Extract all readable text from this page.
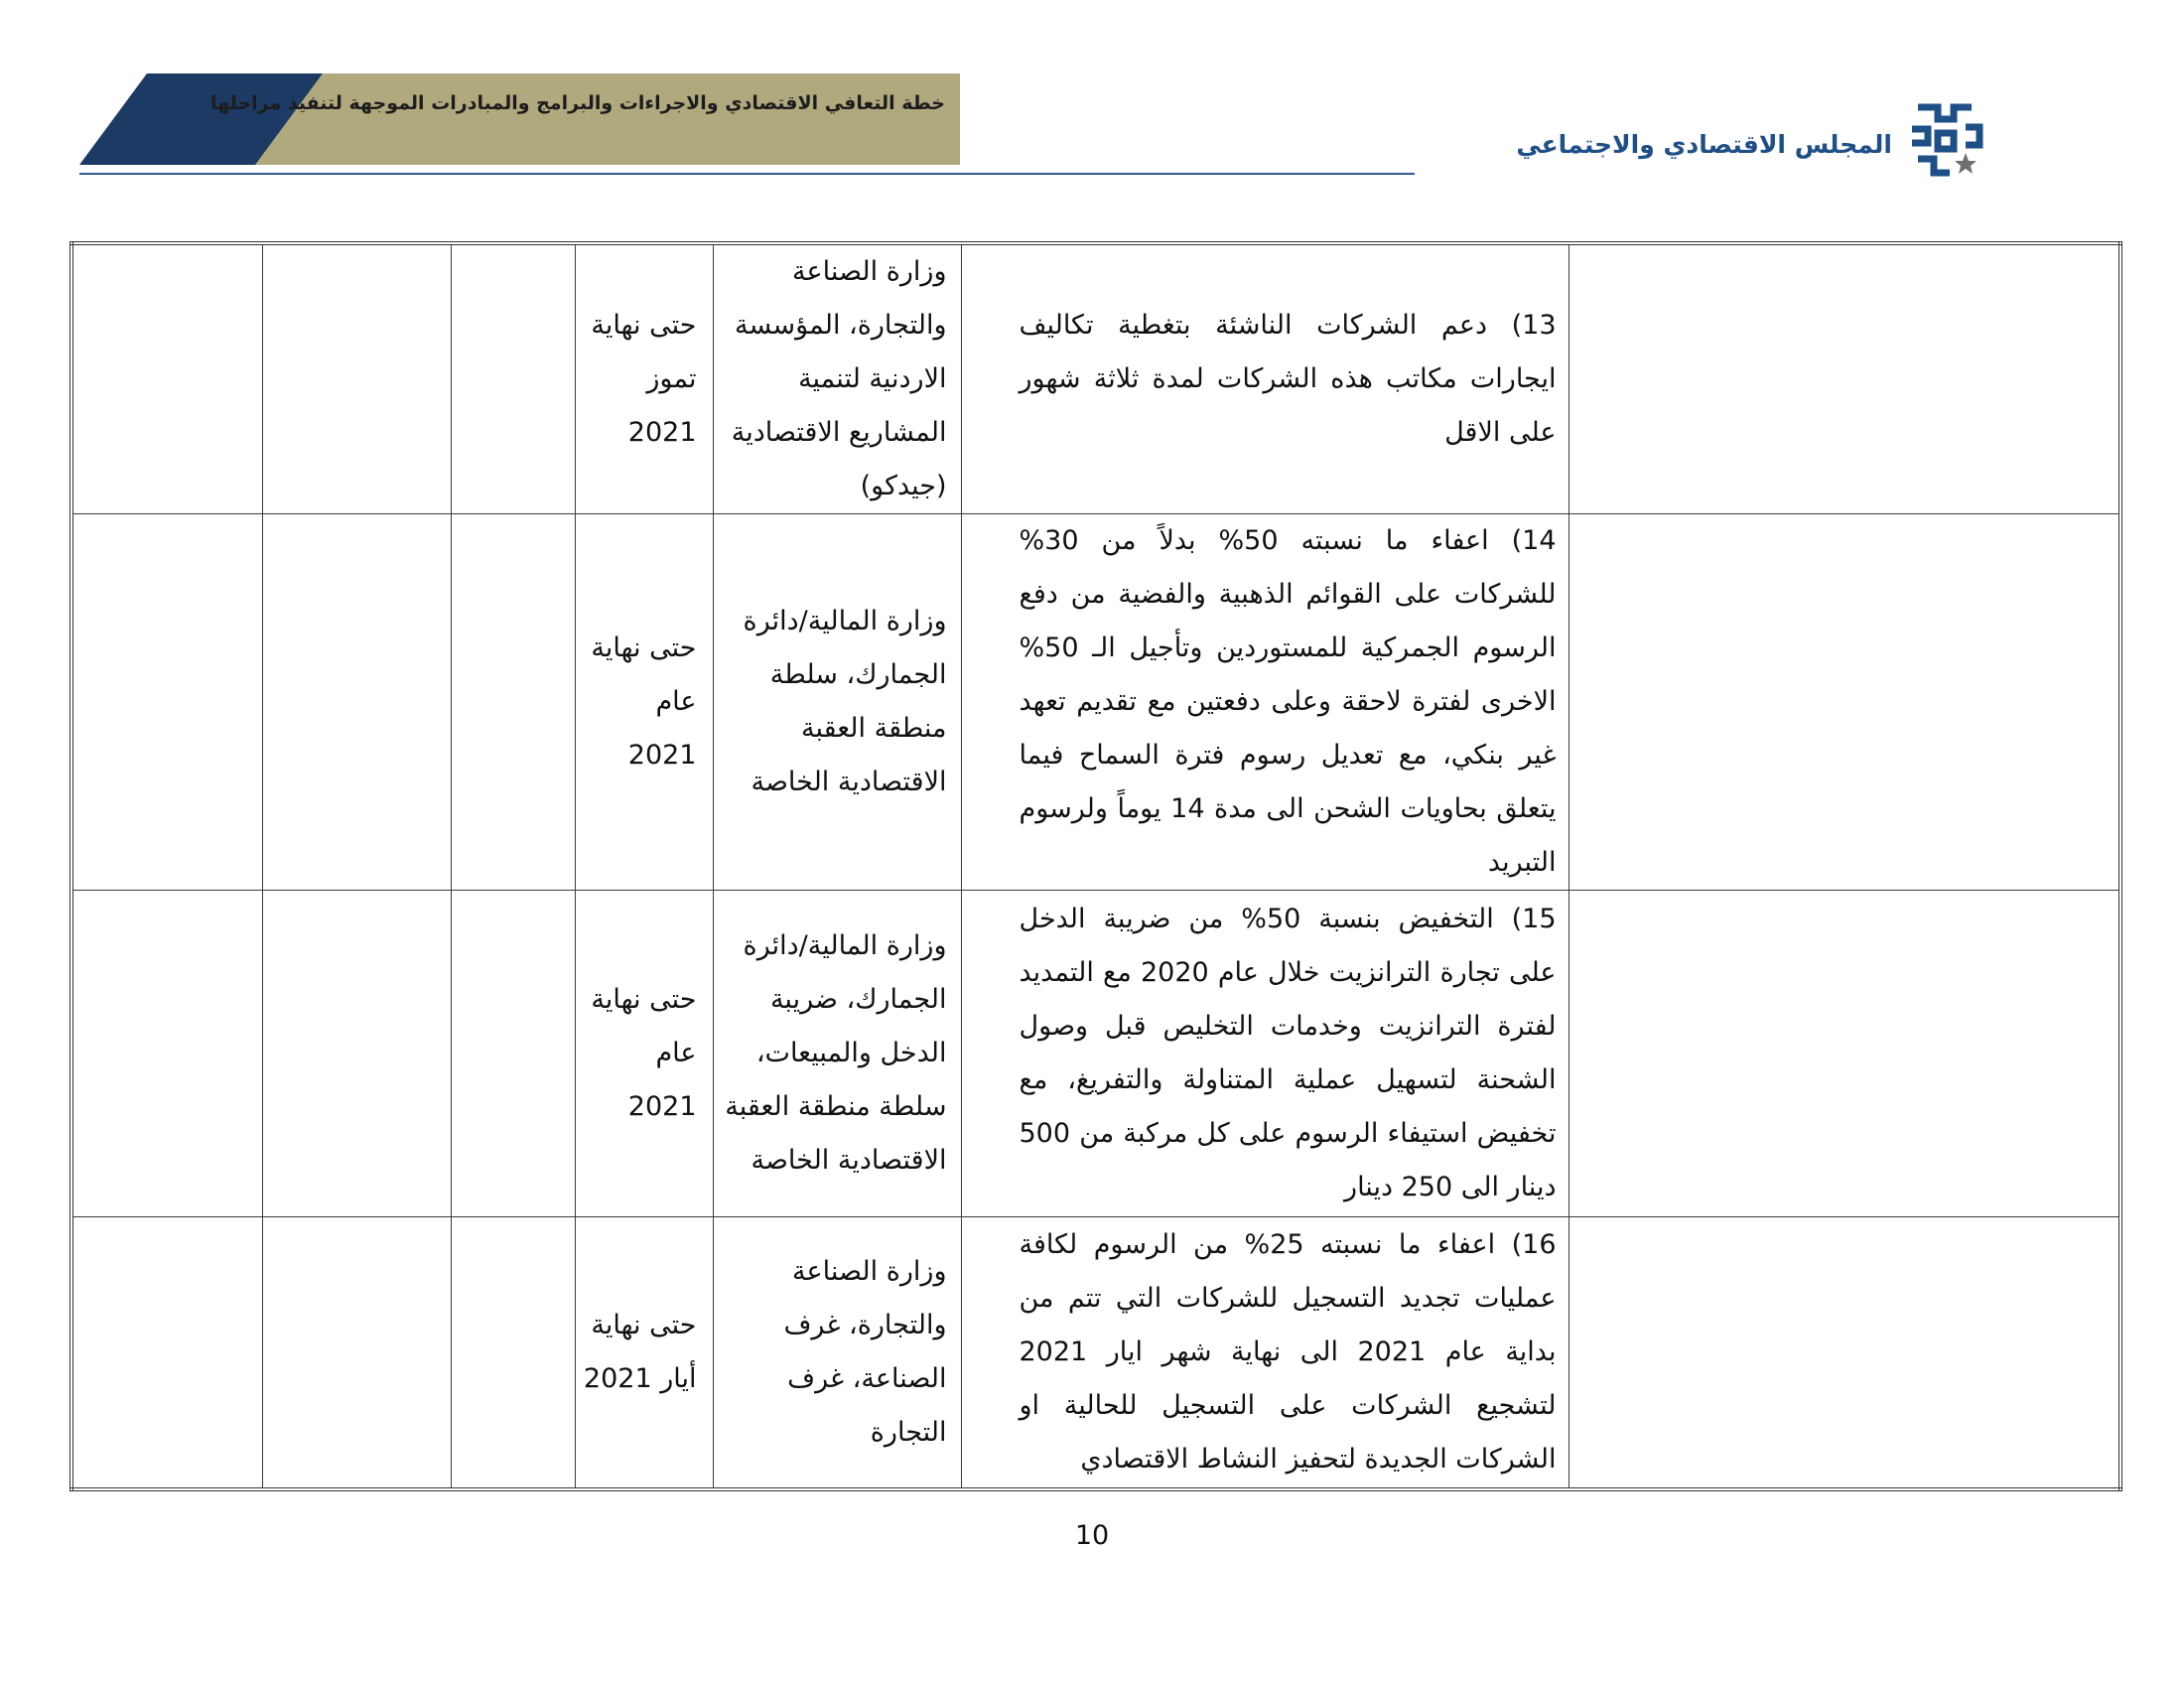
خطة التعافي الاقتصادي والاجراءات والبرامج والمبادرات الموجهة لتنفيذ مراحلها
المجلس الاقتصادي والاجتماعي
	13) دعم الشركات الناشئة بتغطية تكاليف ايجارات مكاتب هذه الشركات لمدة ثلاثة شهور على الاقل	وزارة الصناعة والتجارة، المؤسسة الاردنية لتنمية المشاريع الاقتصادية (جيدكو)	حتى نهاية تموز 2021			
	14) اعفاء ما نسبته 50% بدلاً من 30% للشركات على القوائم الذهبية والفضية من دفع الرسوم الجمركية للمستوردين وتأجيل الـ 50% الاخرى لفترة لاحقة وعلى دفعتين مع تقديم تعهد غير بنكي، مع تعديل رسوم فترة السماح فيما يتعلق بحاويات الشحن الى مدة 14 يوماً ولرسوم التبريد	وزارة المالية/دائرة الجمارك، سلطة منطقة العقبة الاقتصادية الخاصة	حتى نهاية عام 2021			
	15) التخفيض بنسبة 50% من ضريبة الدخل على تجارة الترانزيت خلال عام 2020 مع التمديد لفترة الترانزيت وخدمات التخليص قبل وصول الشحنة لتسهيل عملية المتناولة والتفريغ، مع تخفيض استيفاء الرسوم على كل مركبة من 500 دينار الى 250 دينار	وزارة المالية/دائرة الجمارك، ضريبة الدخل والمبيعات، سلطة منطقة العقبة الاقتصادية الخاصة	حتى نهاية عام 2021			
	16) اعفاء ما نسبته 25% من الرسوم لكافة عمليات تجديد التسجيل للشركات التي تتم من بداية عام 2021 الى نهاية شهر ايار 2021 لتشجيع الشركات على التسجيل للحالية او الشركات الجديدة لتحفيز النشاط الاقتصادي	وزارة الصناعة والتجارة، غرف الصناعة، غرف التجارة	حتى نهاية أيار 2021			
10
